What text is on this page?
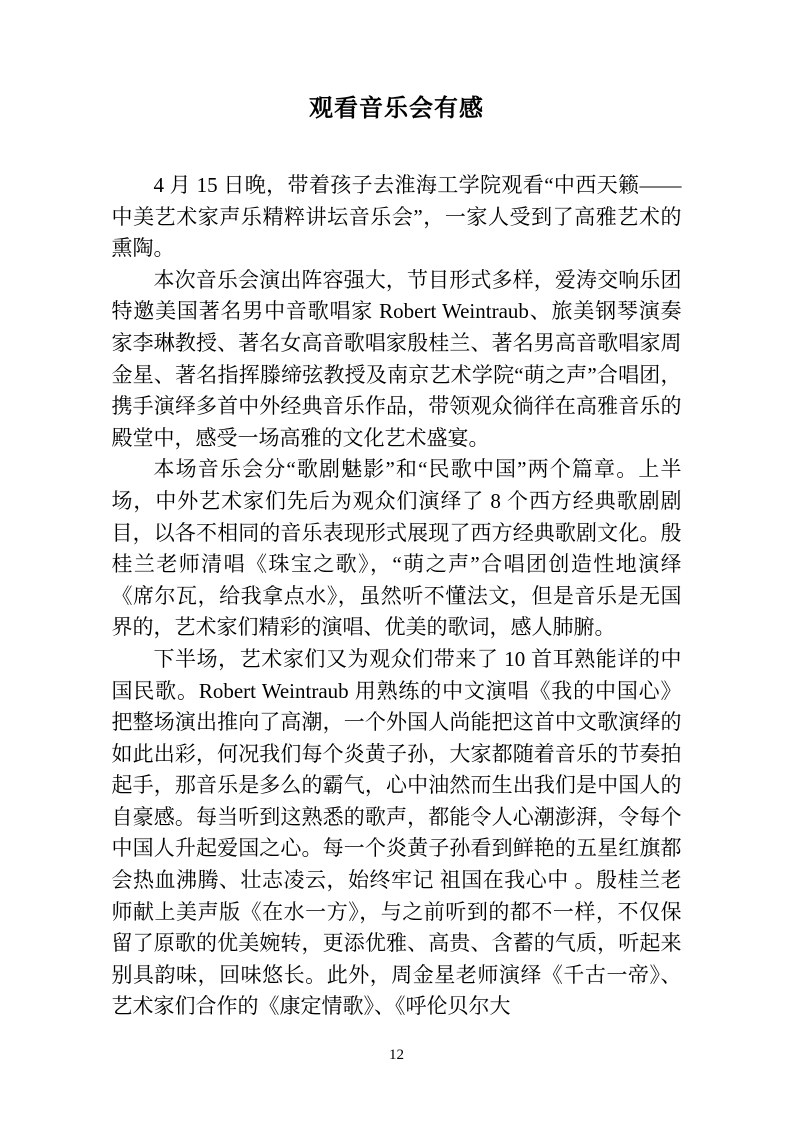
观看音乐会有感

4 月 15 日晚，带着孩子去淮海工学院观看“中西天籁——中美艺术家声乐精粹讲坛音乐会”，一家人受到了高雅艺术的熏陶。

本次音乐会演出阵容强大，节目形式多样，爱涛交响乐团特邀美国著名男中音歌唱家 Robert Weintraub、旅美钢琴演奏家李琳教授、著名女高音歌唱家殷桂兰、著名男高音歌唱家周金星、著名指挥滕缔弦教授及南京艺术学院“萌之声”合唱团，携手演绎多首中外经典音乐作品，带领观众徜徉在高雅音乐的殿堂中，感受一场高雅的文化艺术盛宴。

本场音乐会分“歌剧魅影”和“民歌中国”两个篇章。上半场，中外艺术家们先后为观众们演绎了 8 个西方经典歌剧剧目，以各不相同的音乐表现形式展现了西方经典歌剧文化。殷桂兰老师清唱《珠宝之歌》，“萌之声”合唱团创造性地演绎《席尔瓦，给我拿点水》，虽然听不懂法文，但是音乐是无国界的，艺术家们精彩的演唱、优美的歌词，感人肺腑。

下半场，艺术家们又为观众们带来了 10 首耳熟能详的中国民歌。Robert Weintraub 用熟练的中文演唱《我的中国心》把整场演出推向了高潮，一个外国人尚能把这首中文歌演绎的如此出彩，何况我们每个炎黄子孙，大家都随着音乐的节奏拍起手，那音乐是多么的霸气，心中油然而生出我们是中国人的自豪感。每当听到这熟悉的歌声，都能令人心潮澎湃，令每个中国人升起爱国之心。每一个炎黄子孙看到鲜艳的五星红旗都会热血沸腾、壮志凌云，始终牢记 祖国在我心中 。殷桂兰老师献上美声版《在水一方》，与之前听到的都不一样，不仅保留了原歌的优美婉转，更添优雅、高贵、含蓄的气质，听起来别具韵味，回味悠长。此外，周金星老师演绎《千古一帝》、艺术家们合作的《康定情歌》、《呼伦贝尔大

12
